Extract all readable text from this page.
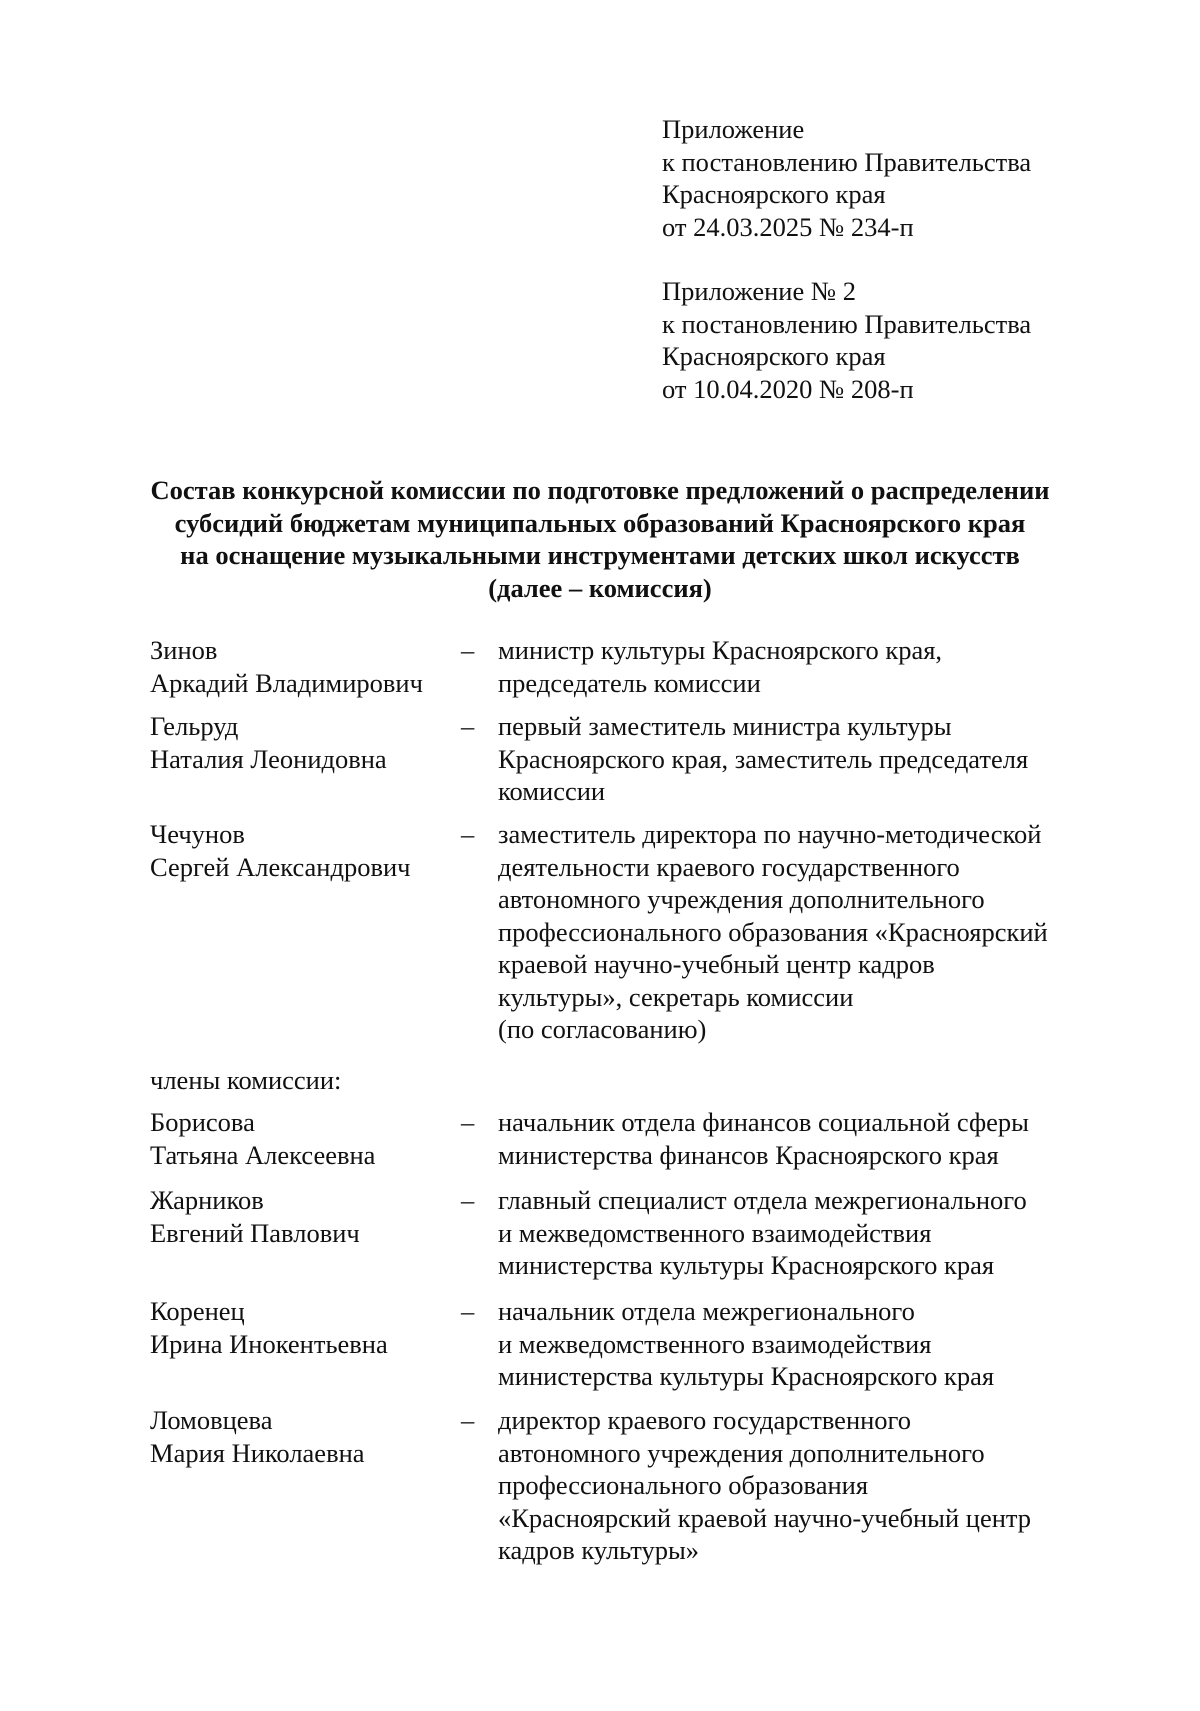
Приложение
к постановлению Правительства
Красноярского края
от 24.03.2025 № 234-п
Приложение № 2
к постановлению Правительства
Красноярского края
от 10.04.2020 № 208-п
Состав конкурсной комиссии по подготовке предложений о распределении
субсидий бюджетам муниципальных образований Красноярского края
на оснащение музыкальными инструментами детских школ искусств
(далее – комиссия)
Зинов
Аркадий Владимирович
– министр культуры Красноярского края,
председатель комиссии
Гельруд
Наталия Леонидовна
– первый заместитель министра культуры
Красноярского края, заместитель председателя
комиссии
Чечунов
Сергей Александрович
– заместитель директора по научно-методической
деятельности краевого государственного
автономного учреждения дополнительного
профессионального образования «Красноярский
краевой научно-учебный центр кадров
культуры», секретарь комиссии
(по согласованию)
члены комиссии:
Борисова
Татьяна Алексеевна
– начальник отдела финансов социальной сферы
министерства финансов Красноярского края
Жарников
Евгений Павлович
– главный специалист отдела межрегионального
и межведомственного взаимодействия
министерства культуры Красноярского края
Коренец
Ирина Инокентьевна
– начальник отдела межрегионального
и межведомственного взаимодействия
министерства культуры Красноярского края
Ломовцева
Мария Николаевна
– директор краевого государственного
автономного учреждения дополнительного
профессионального образования
«Красноярский краевой научно-учебный центр
кадров культуры»
